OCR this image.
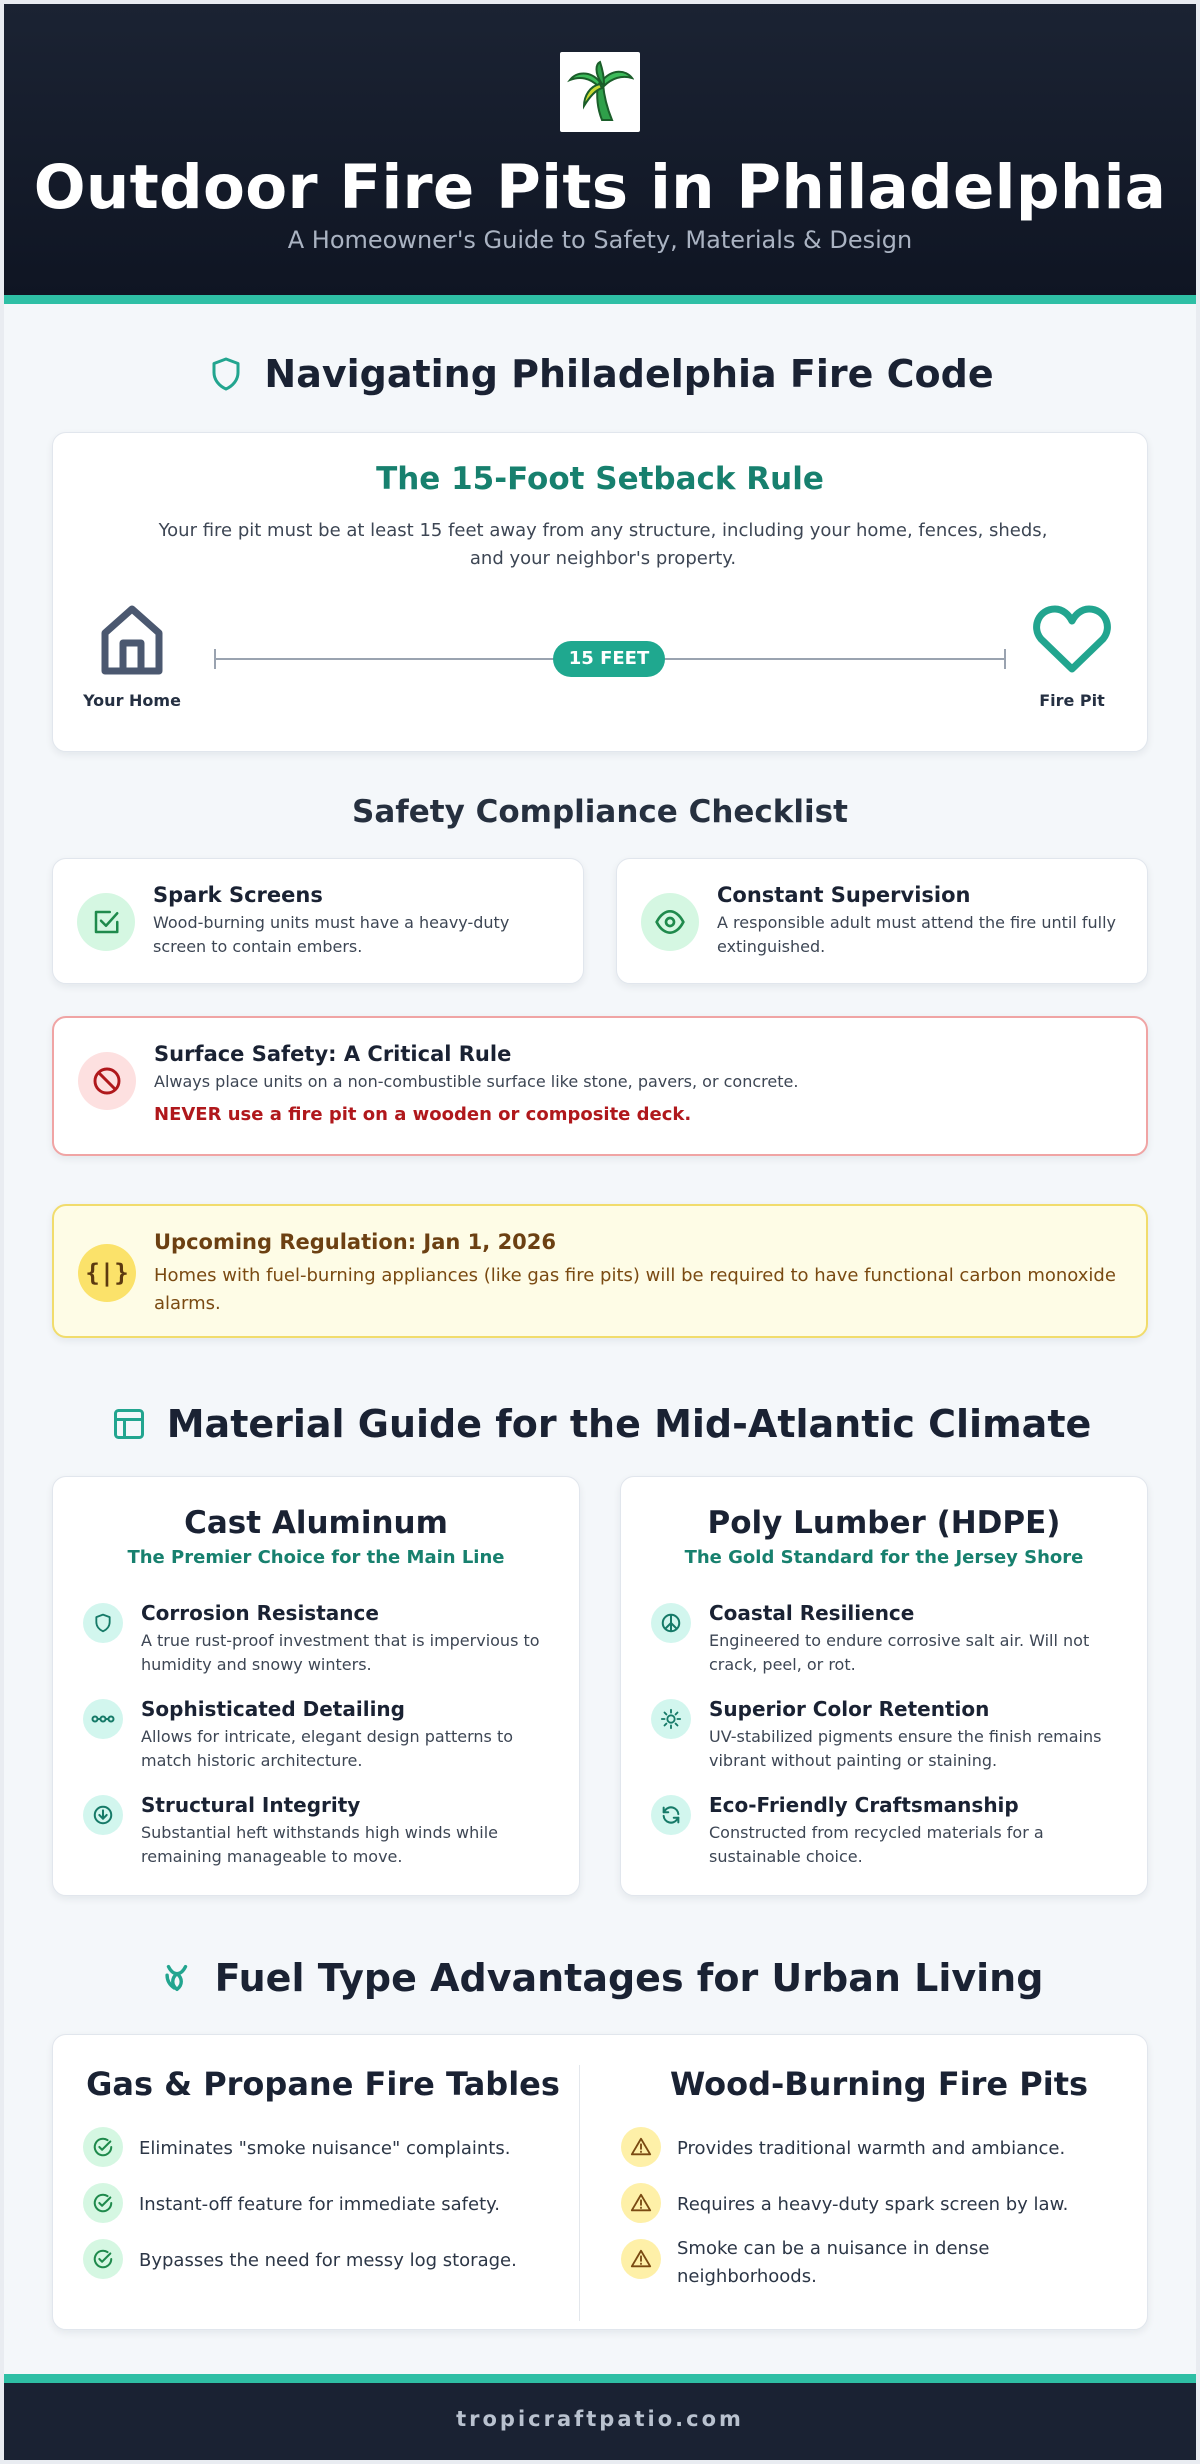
Outdoor Fire Pits in Philadelphia
A Homeowner's Guide to Safety, Materials & Design
Navigating Philadelphia Fire Code
The 15-Foot Setback Rule

Your fire pit must be at least 15 feet away from any structure, including your home, fences, sheds, and your neighbor's property.

Your Home
15 FEET
Fire Pit
Safety Compliance Checklist
Spark Screens
Wood-burning units must have a heavy-duty screen to contain embers.
Constant Supervision
A responsible adult must attend the fire until fully extinguished.
Surface Safety: A Critical Rule
Always place units on a non-combustible surface like stone, pavers, or concrete.
NEVER use a fire pit on a wooden or composite deck.
{|}
Upcoming Regulation: Jan 1, 2026
Homes with fuel-burning appliances (like gas fire pits) will be required to have functional carbon monoxide alarms.
Material Guide for the Mid-Atlantic Climate
Cast Aluminum
The Premier Choice for the Main Line
Corrosion Resistance
A true rust-proof investment that is impervious to humidity and snowy winters.
Sophisticated Detailing
Allows for intricate, elegant design patterns to match historic architecture.
Structural Integrity
Substantial heft withstands high winds while remaining manageable to move.
Poly Lumber (HDPE)
The Gold Standard for the Jersey Shore
Coastal Resilience
Engineered to endure corrosive salt air. Will not crack, peel, or rot.
Superior Color Retention
UV-stabilized pigments ensure the finish remains vibrant without painting or staining.
Eco-Friendly Craftsmanship
Constructed from recycled materials for a sustainable choice.
Fuel Type Advantages for Urban Living
Gas & Propane Fire Tables	Wood-Burning Fire Pits
Eliminates "smoke nuisance" complaints.
Instant-off feature for immediate safety.
Bypasses the need for messy log storage.
Provides traditional warmth and ambiance.
Requires a heavy-duty spark screen by law.
Smoke can be a nuisance in dense neighborhoods.
tropicraftpatio.com
